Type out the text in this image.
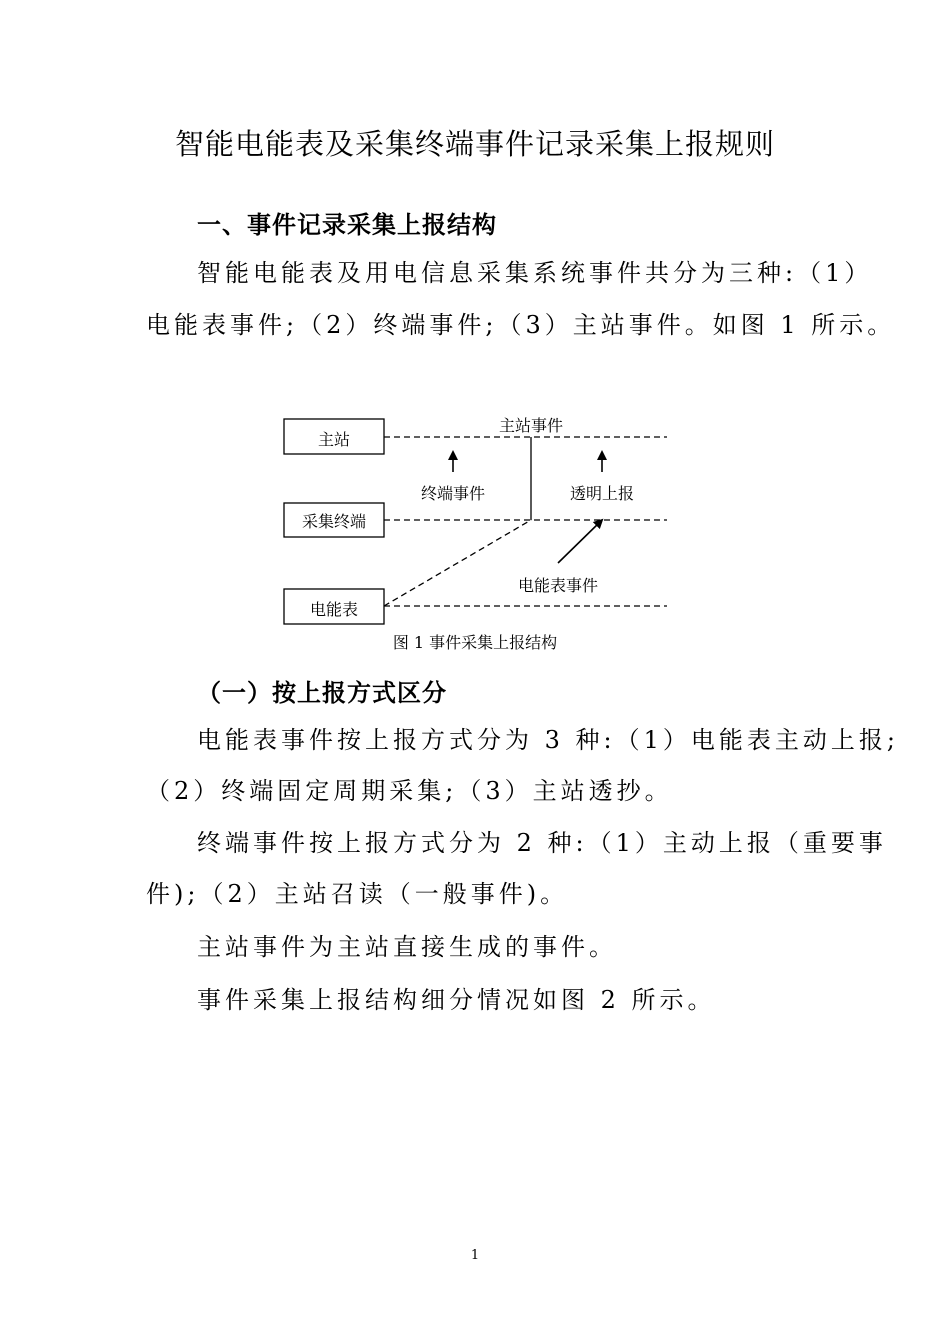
智能电能表及采集终端事件记录采集上报规则
一、事件记录采集上报结构
智能电能表及用电信息采集系统事件共分为三种:（1）
电能表事件;（2）终端事件;（3）主站事件。如图 1 所示。
主站
采集终端
电能表
主站事件
终端事件	透明上报
电能表事件
图 1 事件采集上报结构
（一）按上报方式区分
电能表事件按上报方式分为 3 种:（1）电能表主动上报;
（2）终端固定周期采集;（3）主站透抄。
终端事件按上报方式分为 2 种:（1）主动上报（重要事
件);（2）主站召读（一般事件)。
主站事件为主站直接生成的事件。
事件采集上报结构细分情况如图 2 所示。
1
